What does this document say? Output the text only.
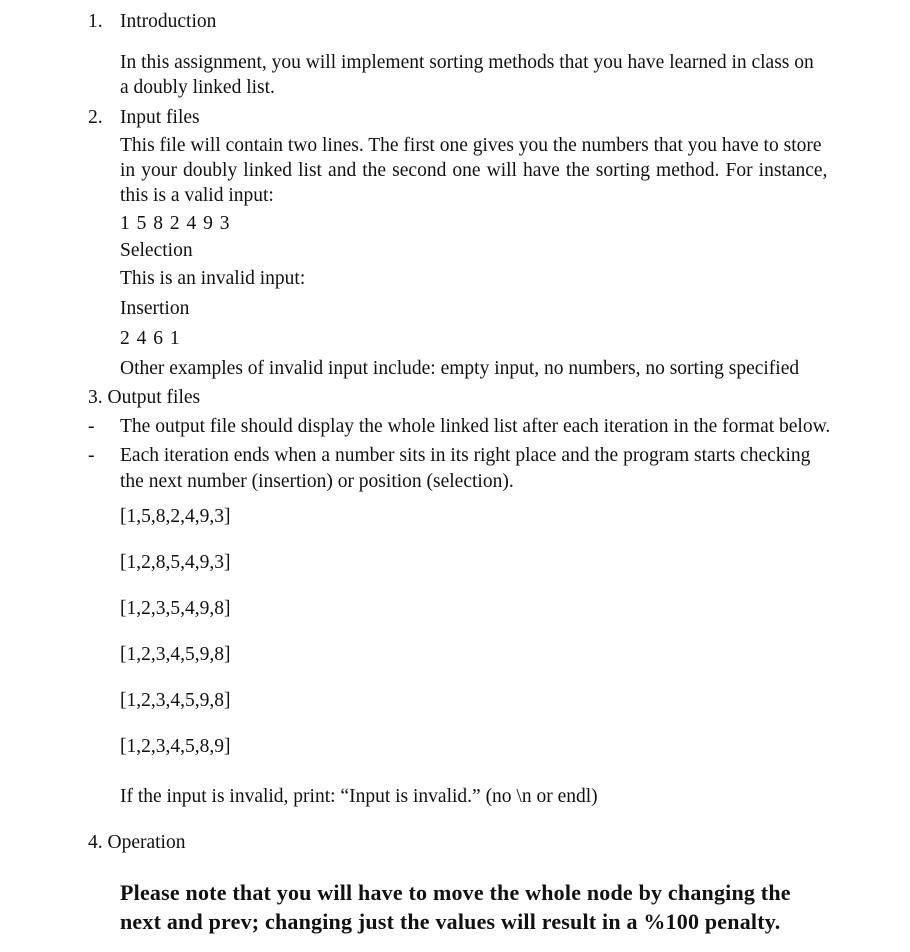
1. Introduction
In this assignment, you will implement sorting methods that you have learned in class on
a doubly linked list.
2. Input files
This file will contain two lines. The first one gives you the numbers that you have to store
in your doubly linked list and the second one will have the sorting method. For instance,
this is a valid input:
1 5 8 2 4 9 3
Selection
This is an invalid input:
Insertion
2 4 6 1
Other examples of invalid input include: empty input, no numbers, no sorting specified
3. Output files
- The output file should display the whole linked list after each iteration in the format below.
- Each iteration ends when a number sits in its right place and the program starts checking
the next number (insertion) or position (selection).
[1,5,8,2,4,9,3]
[1,2,8,5,4,9,3]
[1,2,3,5,4,9,8]
[1,2,3,4,5,9,8]
[1,2,3,4,5,9,8]
[1,2,3,4,5,8,9]
If the input is invalid, print: “Input is invalid.” (no \n or endl)
4. Operation
Please note that you will have to move the whole node by changing the
next and prev; changing just the values will result in a %100 penalty.
